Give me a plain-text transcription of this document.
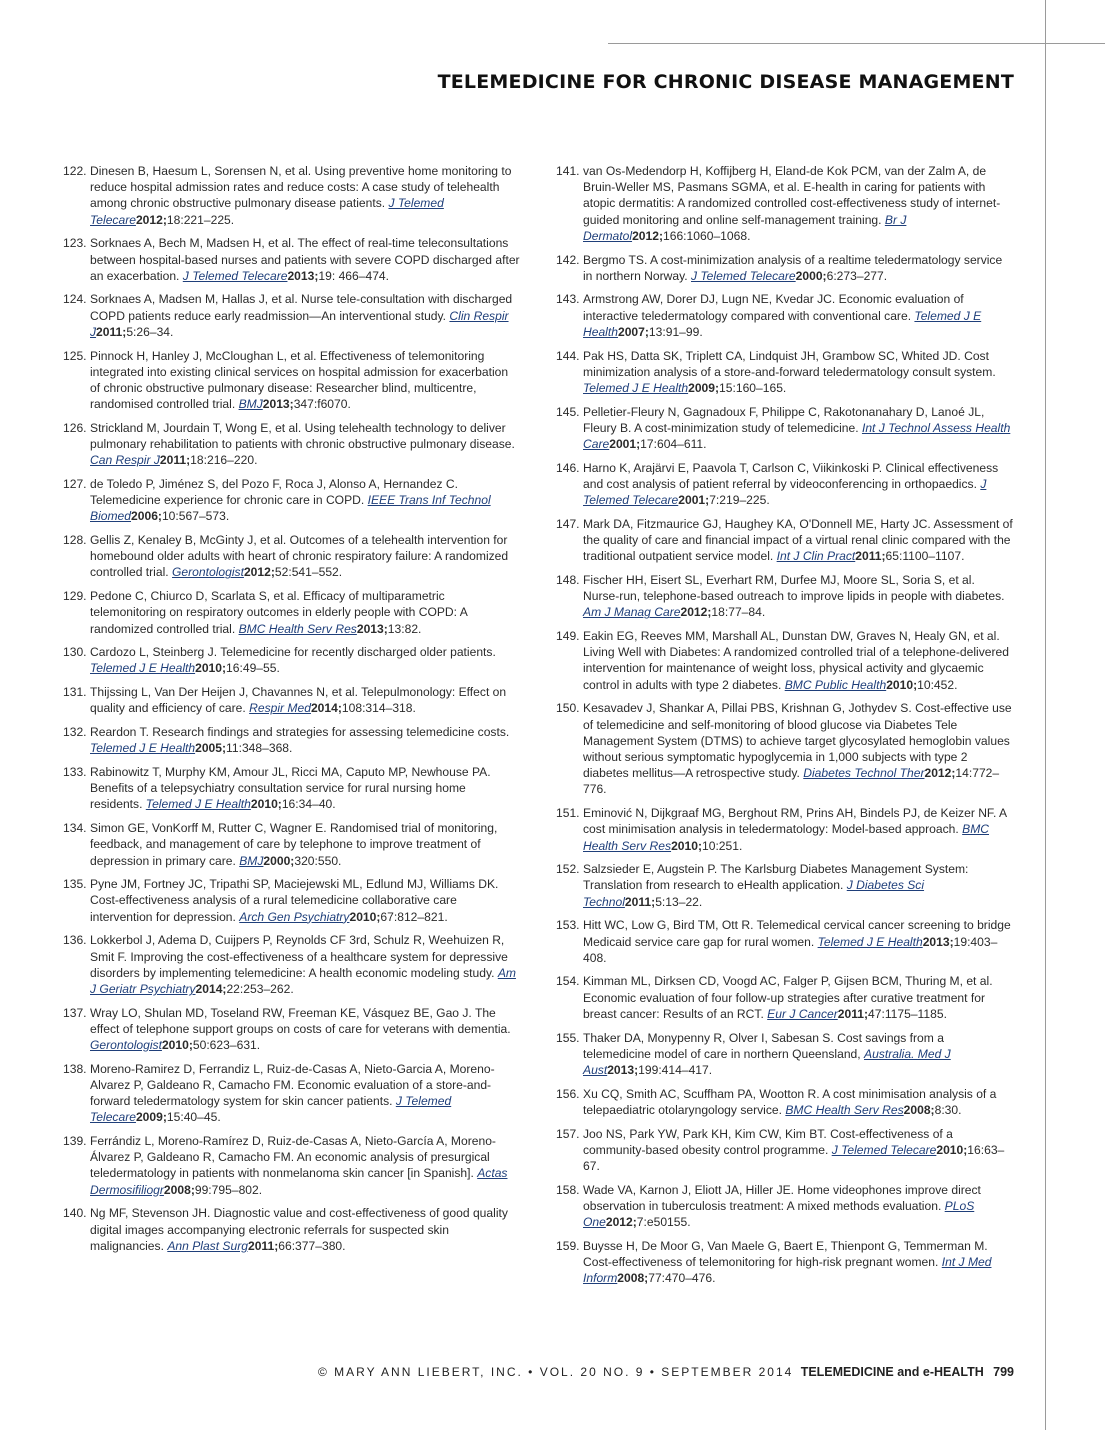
TELEMEDICINE FOR CHRONIC DISEASE MANAGEMENT
122. Dinesen B, Haesum L, Sorensen N, et al. Using preventive home monitoring to reduce hospital admission rates and reduce costs: A case study of telehealth among chronic obstructive pulmonary disease patients. J Telemed Telecare2012;18:221–225.
123. Sorknaes A, Bech M, Madsen H, et al. The effect of real-time teleconsultations between hospital-based nurses and patients with severe COPD discharged after an exacerbation. J Telemed Telecare2013;19: 466–474.
124. Sorknaes A, Madsen M, Hallas J, et al. Nurse tele-consultation with discharged COPD patients reduce early readmission—An interventional study. Clin Respir J2011;5:26–34.
125. Pinnock H, Hanley J, McCloughan L, et al. Effectiveness of telemonitoring integrated into existing clinical services on hospital admission for exacerbation of chronic obstructive pulmonary disease: Researcher blind, multicentre, randomised controlled trial. BMJ2013;347:f6070.
126. Strickland M, Jourdain T, Wong E, et al. Using telehealth technology to deliver pulmonary rehabilitation to patients with chronic obstructive pulmonary disease. Can Respir J2011;18:216–220.
127. de Toledo P, Jiménez S, del Pozo F, Roca J, Alonso A, Hernandez C. Telemedicine experience for chronic care in COPD. IEEE Trans Inf Technol Biomed2006;10:567–573.
128. Gellis Z, Kenaley B, McGinty J, et al. Outcomes of a telehealth intervention for homebound older adults with heart of chronic respiratory failure: A randomized controlled trial. Gerontologist2012;52:541–552.
129. Pedone C, Chiurco D, Scarlata S, et al. Efficacy of multiparametric telemonitoring on respiratory outcomes in elderly people with COPD: A randomized controlled trial. BMC Health Serv Res2013;13:82.
130. Cardozo L, Steinberg J. Telemedicine for recently discharged older patients. Telemed J E Health2010;16:49–55.
131. Thijssing L, Van Der Heijen J, Chavannes N, et al. Telepulmonology: Effect on quality and efficiency of care. Respir Med2014;108:314–318.
132. Reardon T. Research findings and strategies for assessing telemedicine costs. Telemed J E Health2005;11:348–368.
133. Rabinowitz T, Murphy KM, Amour JL, Ricci MA, Caputo MP, Newhouse PA. Benefits of a telepsychiatry consultation service for rural nursing home residents. Telemed J E Health2010;16:34–40.
134. Simon GE, VonKorff M, Rutter C, Wagner E. Randomised trial of monitoring, feedback, and management of care by telephone to improve treatment of depression in primary care. BMJ2000;320:550.
135. Pyne JM, Fortney JC, Tripathi SP, Maciejewski ML, Edlund MJ, Williams DK. Cost-effectiveness analysis of a rural telemedicine collaborative care intervention for depression. Arch Gen Psychiatry2010;67:812–821.
136. Lokkerbol J, Adema D, Cuijpers P, Reynolds CF 3rd, Schulz R, Weehuizen R, Smit F. Improving the cost-effectiveness of a healthcare system for depressive disorders by implementing telemedicine: A health economic modeling study. Am J Geriatr Psychiatry2014;22:253–262.
137. Wray LO, Shulan MD, Toseland RW, Freeman KE, Vásquez BE, Gao J. The effect of telephone support groups on costs of care for veterans with dementia. Gerontologist2010;50:623–631.
138. Moreno-Ramirez D, Ferrandiz L, Ruiz-de-Casas A, Nieto-Garcia A, Moreno-Alvarez P, Galdeano R, Camacho FM. Economic evaluation of a store-and-forward teledermatology system for skin cancer patients. J Telemed Telecare2009;15:40–45.
139. Ferrándiz L, Moreno-Ramírez D, Ruiz-de-Casas A, Nieto-García A, Moreno-Álvarez P, Galdeano R, Camacho FM. An economic analysis of presurgical teledermatology in patients with nonmelanoma skin cancer [in Spanish]. Actas Dermosifiliogr2008;99:795–802.
140. Ng MF, Stevenson JH. Diagnostic value and cost-effectiveness of good quality digital images accompanying electronic referrals for suspected skin malignancies. Ann Plast Surg2011;66:377–380.
141. van Os-Medendorp H, Koffijberg H, Eland-de Kok PCM, van der Zalm A, de Bruin-Weller MS, Pasmans SGMA, et al. E-health in caring for patients with atopic dermatitis: A randomized controlled cost-effectiveness study of internet-guided monitoring and online self-management training. Br J Dermatol2012;166:1060–1068.
142. Bergmo TS. A cost-minimization analysis of a realtime teledermatology service in northern Norway. J Telemed Telecare2000;6:273–277.
143. Armstrong AW, Dorer DJ, Lugn NE, Kvedar JC. Economic evaluation of interactive teledermatology compared with conventional care. Telemed J E Health2007;13:91–99.
144. Pak HS, Datta SK, Triplett CA, Lindquist JH, Grambow SC, Whited JD. Cost minimization analysis of a store-and-forward teledermatology consult system. Telemed J E Health2009;15:160–165.
145. Pelletier-Fleury N, Gagnadoux F, Philippe C, Rakotonanahary D, Lanoé JL, Fleury B. A cost-minimization study of telemedicine. Int J Technol Assess Health Care2001;17:604–611.
146. Harno K, Arajärvi E, Paavola T, Carlson C, Viikinkoski P. Clinical effectiveness and cost analysis of patient referral by videoconferencing in orthopaedics. J Telemed Telecare2001;7:219–225.
147. Mark DA, Fitzmaurice GJ, Haughey KA, O'Donnell ME, Harty JC. Assessment of the quality of care and financial impact of a virtual renal clinic compared with the traditional outpatient service model. Int J Clin Pract2011;65:1100–1107.
148. Fischer HH, Eisert SL, Everhart RM, Durfee MJ, Moore SL, Soria S, et al. Nurse-run, telephone-based outreach to improve lipids in people with diabetes. Am J Manag Care2012;18:77–84.
149. Eakin EG, Reeves MM, Marshall AL, Dunstan DW, Graves N, Healy GN, et al. Living Well with Diabetes: A randomized controlled trial of a telephone-delivered intervention for maintenance of weight loss, physical activity and glycaemic control in adults with type 2 diabetes. BMC Public Health2010;10:452.
150. Kesavadev J, Shankar A, Pillai PBS, Krishnan G, Jothydev S. Cost-effective use of telemedicine and self-monitoring of blood glucose via Diabetes Tele Management System (DTMS) to achieve target glycosylated hemoglobin values without serious symptomatic hypoglycemia in 1,000 subjects with type 2 diabetes mellitus—A retrospective study. Diabetes Technol Ther2012;14:772–776.
151. Eminović N, Dijkgraaf MG, Berghout RM, Prins AH, Bindels PJ, de Keizer NF. A cost minimisation analysis in teledermatology: Model-based approach. BMC Health Serv Res2010;10:251.
152. Salzsieder E, Augstein P. The Karlsburg Diabetes Management System: Translation from research to eHealth application. J Diabetes Sci Technol2011;5:13–22.
153. Hitt WC, Low G, Bird TM, Ott R. Telemedical cervical cancer screening to bridge Medicaid service care gap for rural women. Telemed J E Health2013;19:403–408.
154. Kimman ML, Dirksen CD, Voogd AC, Falger P, Gijsen BCM, Thuring M, et al. Economic evaluation of four follow-up strategies after curative treatment for breast cancer: Results of an RCT. Eur J Cancer2011;47:1175–1185.
155. Thaker DA, Monypenny R, Olver I, Sabesan S. Cost savings from a telemedicine model of care in northern Queensland, Australia. Med J Aust2013;199:414–417.
156. Xu CQ, Smith AC, Scuffham PA, Wootton R. A cost minimisation analysis of a telepaediatric otolaryngology service. BMC Health Serv Res2008;8:30.
157. Joo NS, Park YW, Park KH, Kim CW, Kim BT. Cost-effectiveness of a community-based obesity control programme. J Telemed Telecare2010;16:63–67.
158. Wade VA, Karnon J, Eliott JA, Hiller JE. Home videophones improve direct observation in tuberculosis treatment: A mixed methods evaluation. PLoS One2012;7:e50155.
159. Buysse H, De Moor G, Van Maele G, Baert E, Thienpont G, Temmerman M. Cost-effectiveness of telemonitoring for high-risk pregnant women. Int J Med Inform2008;77:470–476.
© MARY ANN LIEBERT, INC. • VOL. 20 NO. 9 • SEPTEMBER 2014 TELEMEDICINE and e-HEALTH 799
